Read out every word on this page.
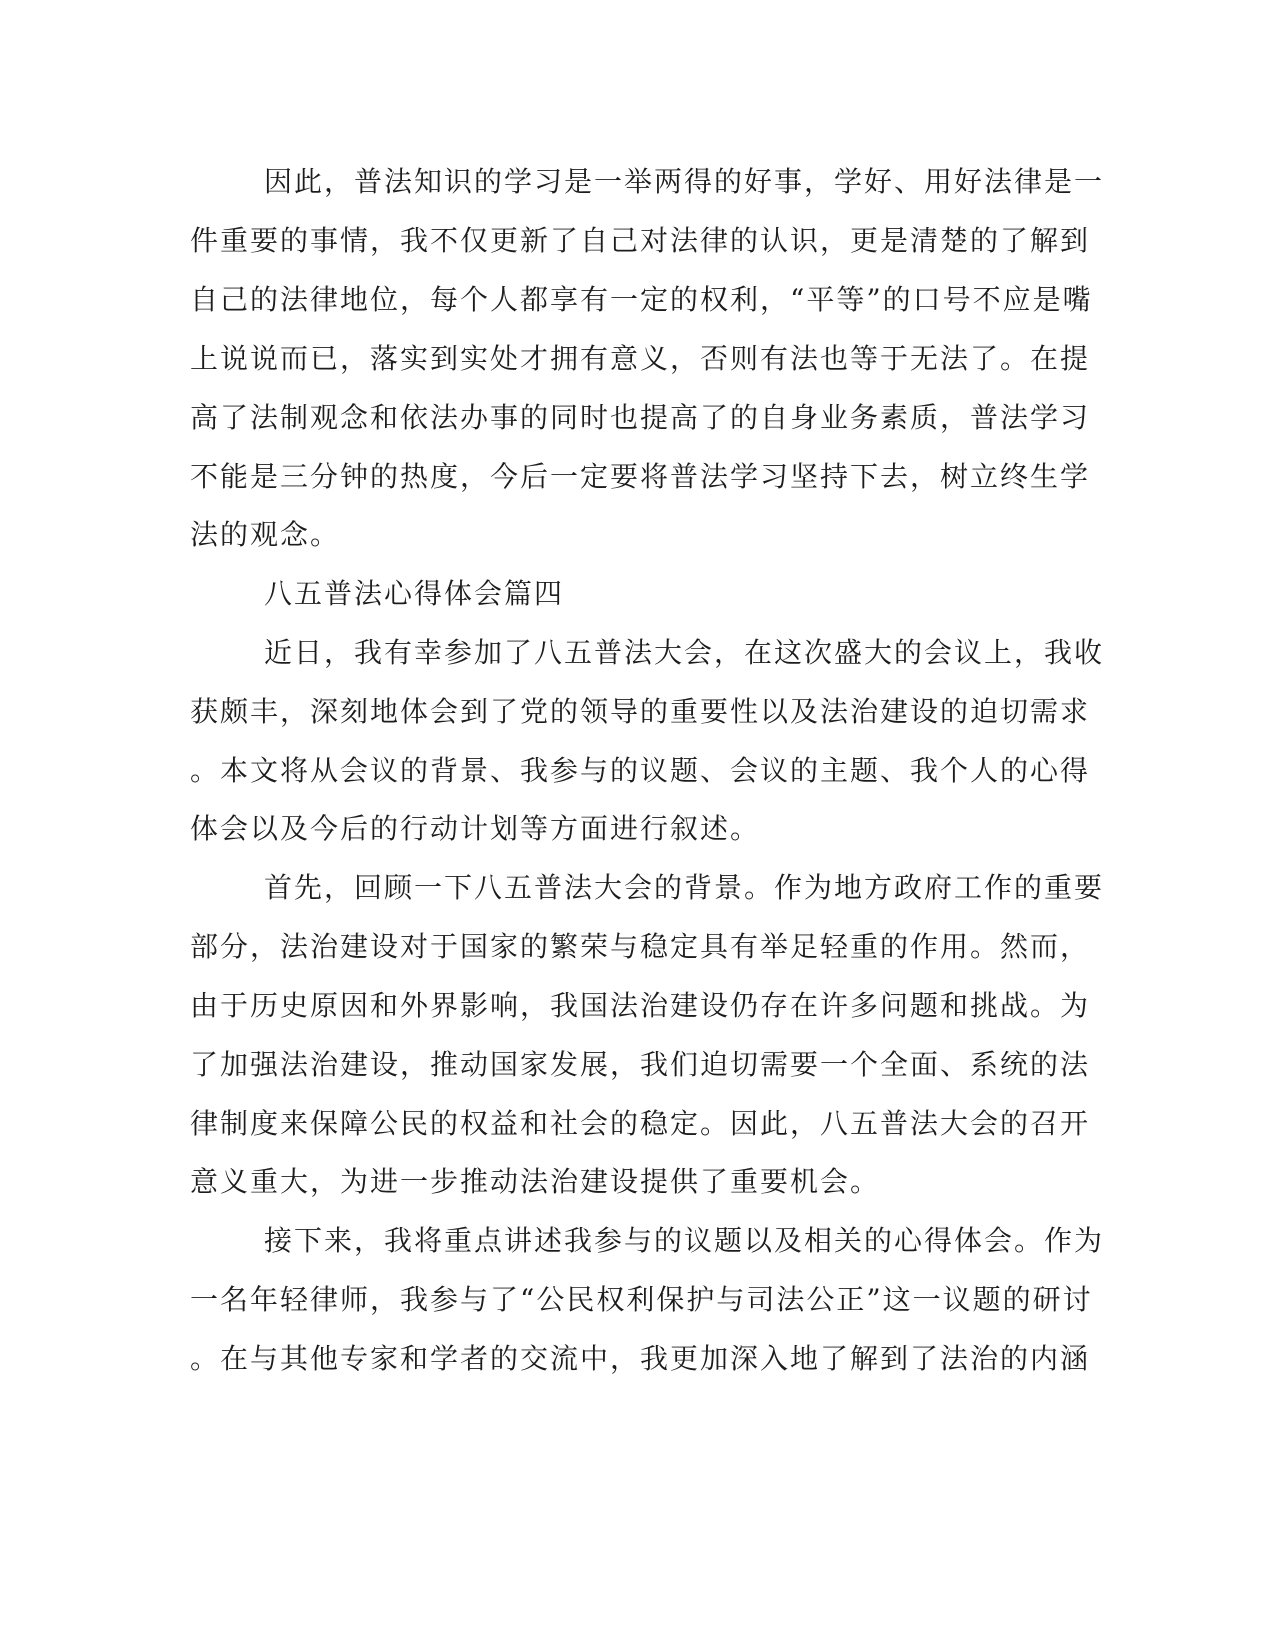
因此，普法知识的学习是一举两得的好事，学好、用好法律是一

件重要的事情，我不仅更新了自己对法律的认识，更是清楚的了解到

自己的法律地位，每个人都享有一定的权利，“平等”的口号不应是嘴

上说说而已，落实到实处才拥有意义，否则有法也等于无法了。在提

高了法制观念和依法办事的同时也提高了的自身业务素质，普法学习

不能是三分钟的热度，今后一定要将普法学习坚持下去，树立终生学

法的观念。

八五普法心得体会篇四

近日，我有幸参加了八五普法大会，在这次盛大的会议上，我收

获颇丰，深刻地体会到了党的领导的重要性以及法治建设的迫切需求

。本文将从会议的背景、我参与的议题、会议的主题、我个人的心得

体会以及今后的行动计划等方面进行叙述。

首先，回顾一下八五普法大会的背景。作为地方政府工作的重要

部分，法治建设对于国家的繁荣与稳定具有举足轻重的作用。然而，

由于历史原因和外界影响，我国法治建设仍存在许多问题和挑战。为

了加强法治建设，推动国家发展，我们迫切需要一个全面、系统的法

律制度来保障公民的权益和社会的稳定。因此，八五普法大会的召开

意义重大，为进一步推动法治建设提供了重要机会。

接下来，我将重点讲述我参与的议题以及相关的心得体会。作为

一名年轻律师，我参与了“公民权利保护与司法公正”这一议题的研讨

。在与其他专家和学者的交流中，我更加深入地了解到了法治的内涵
